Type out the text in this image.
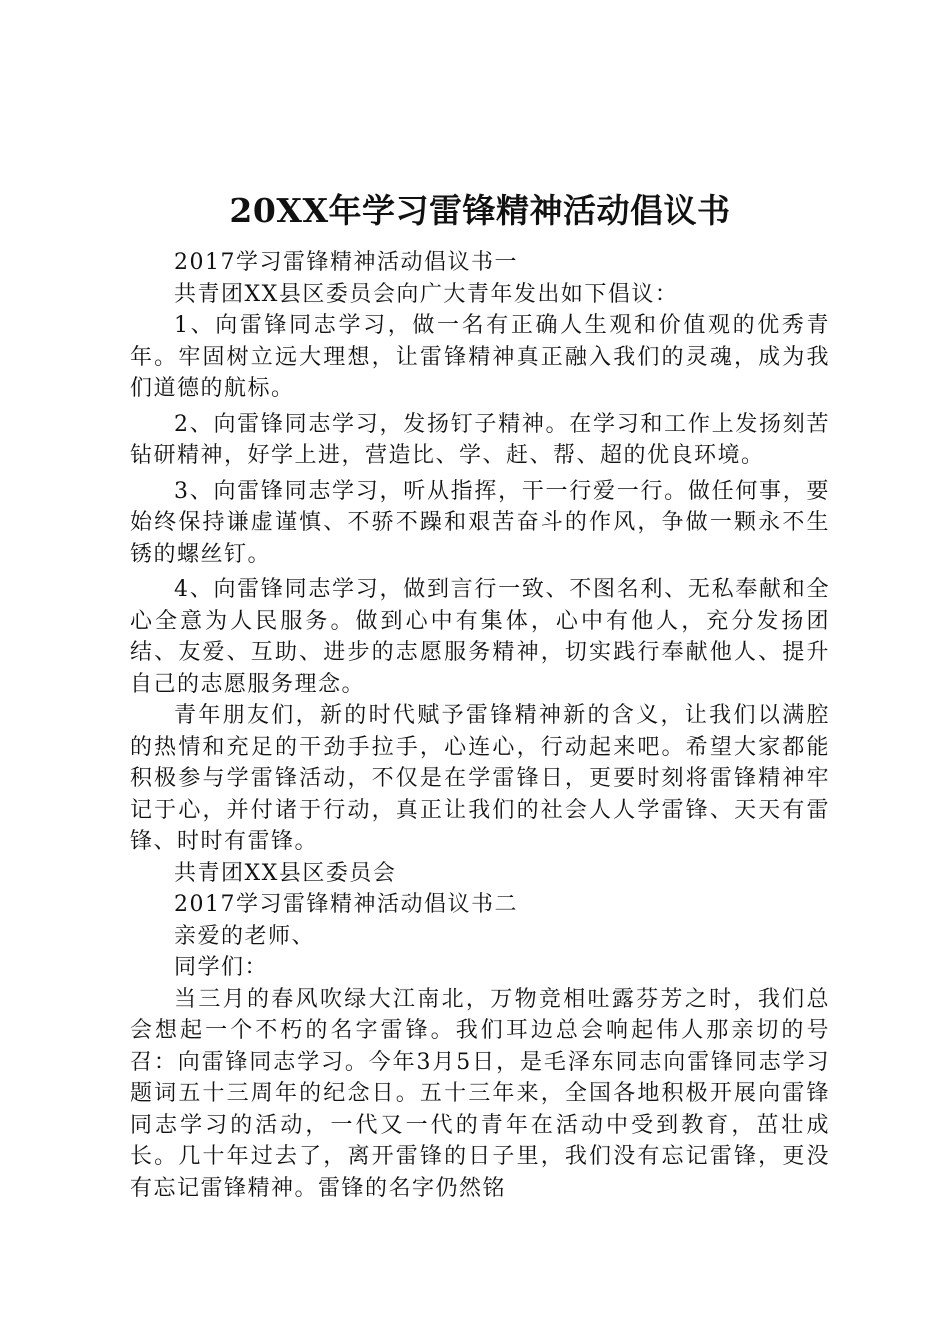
20XX年学习雷锋精神活动倡议书

2017学习雷锋精神活动倡议书一

共青团XX县区委员会向广大青年发出如下倡议：

1、向雷锋同志学习，做一名有正确人生观和价值观的优秀青年。牢固树立远大理想，让雷锋精神真正融入我们的灵魂，成为我们道德的航标。

2、向雷锋同志学习，发扬钉子精神。在学习和工作上发扬刻苦钻研精神，好学上进，营造比、学、赶、帮、超的优良环境。

3、向雷锋同志学习，听从指挥，干一行爱一行。做任何事，要始终保持谦虚谨慎、不骄不躁和艰苦奋斗的作风，争做一颗永不生锈的螺丝钉。

4、向雷锋同志学习，做到言行一致、不图名利、无私奉献和全心全意为人民服务。做到心中有集体，心中有他人，充分发扬团结、友爱、互助、进步的志愿服务精神，切实践行奉献他人、提升自己的志愿服务理念。

青年朋友们，新的时代赋予雷锋精神新的含义，让我们以满腔的热情和充足的干劲手拉手，心连心，行动起来吧。希望大家都能积极参与学雷锋活动，不仅是在学雷锋日，更要时刻将雷锋精神牢记于心，并付诸于行动，真正让我们的社会人人学雷锋、天天有雷锋、时时有雷锋。

共青团XX县区委员会

2017学习雷锋精神活动倡议书二

亲爱的老师、

同学们：

当三月的春风吹绿大江南北，万物竞相吐露芬芳之时，我们总会想起一个不朽的名字雷锋。我们耳边总会响起伟人那亲切的号召：向雷锋同志学习。今年3月5日，是毛泽东同志向雷锋同志学习题词五十三周年的纪念日。五十三年来，全国各地积极开展向雷锋同志学习的活动，一代又一代的青年在活动中受到教育，茁壮成长。几十年过去了，离开雷锋的日子里，我们没有忘记雷锋，更没有忘记雷锋精神。雷锋的名字仍然铭
